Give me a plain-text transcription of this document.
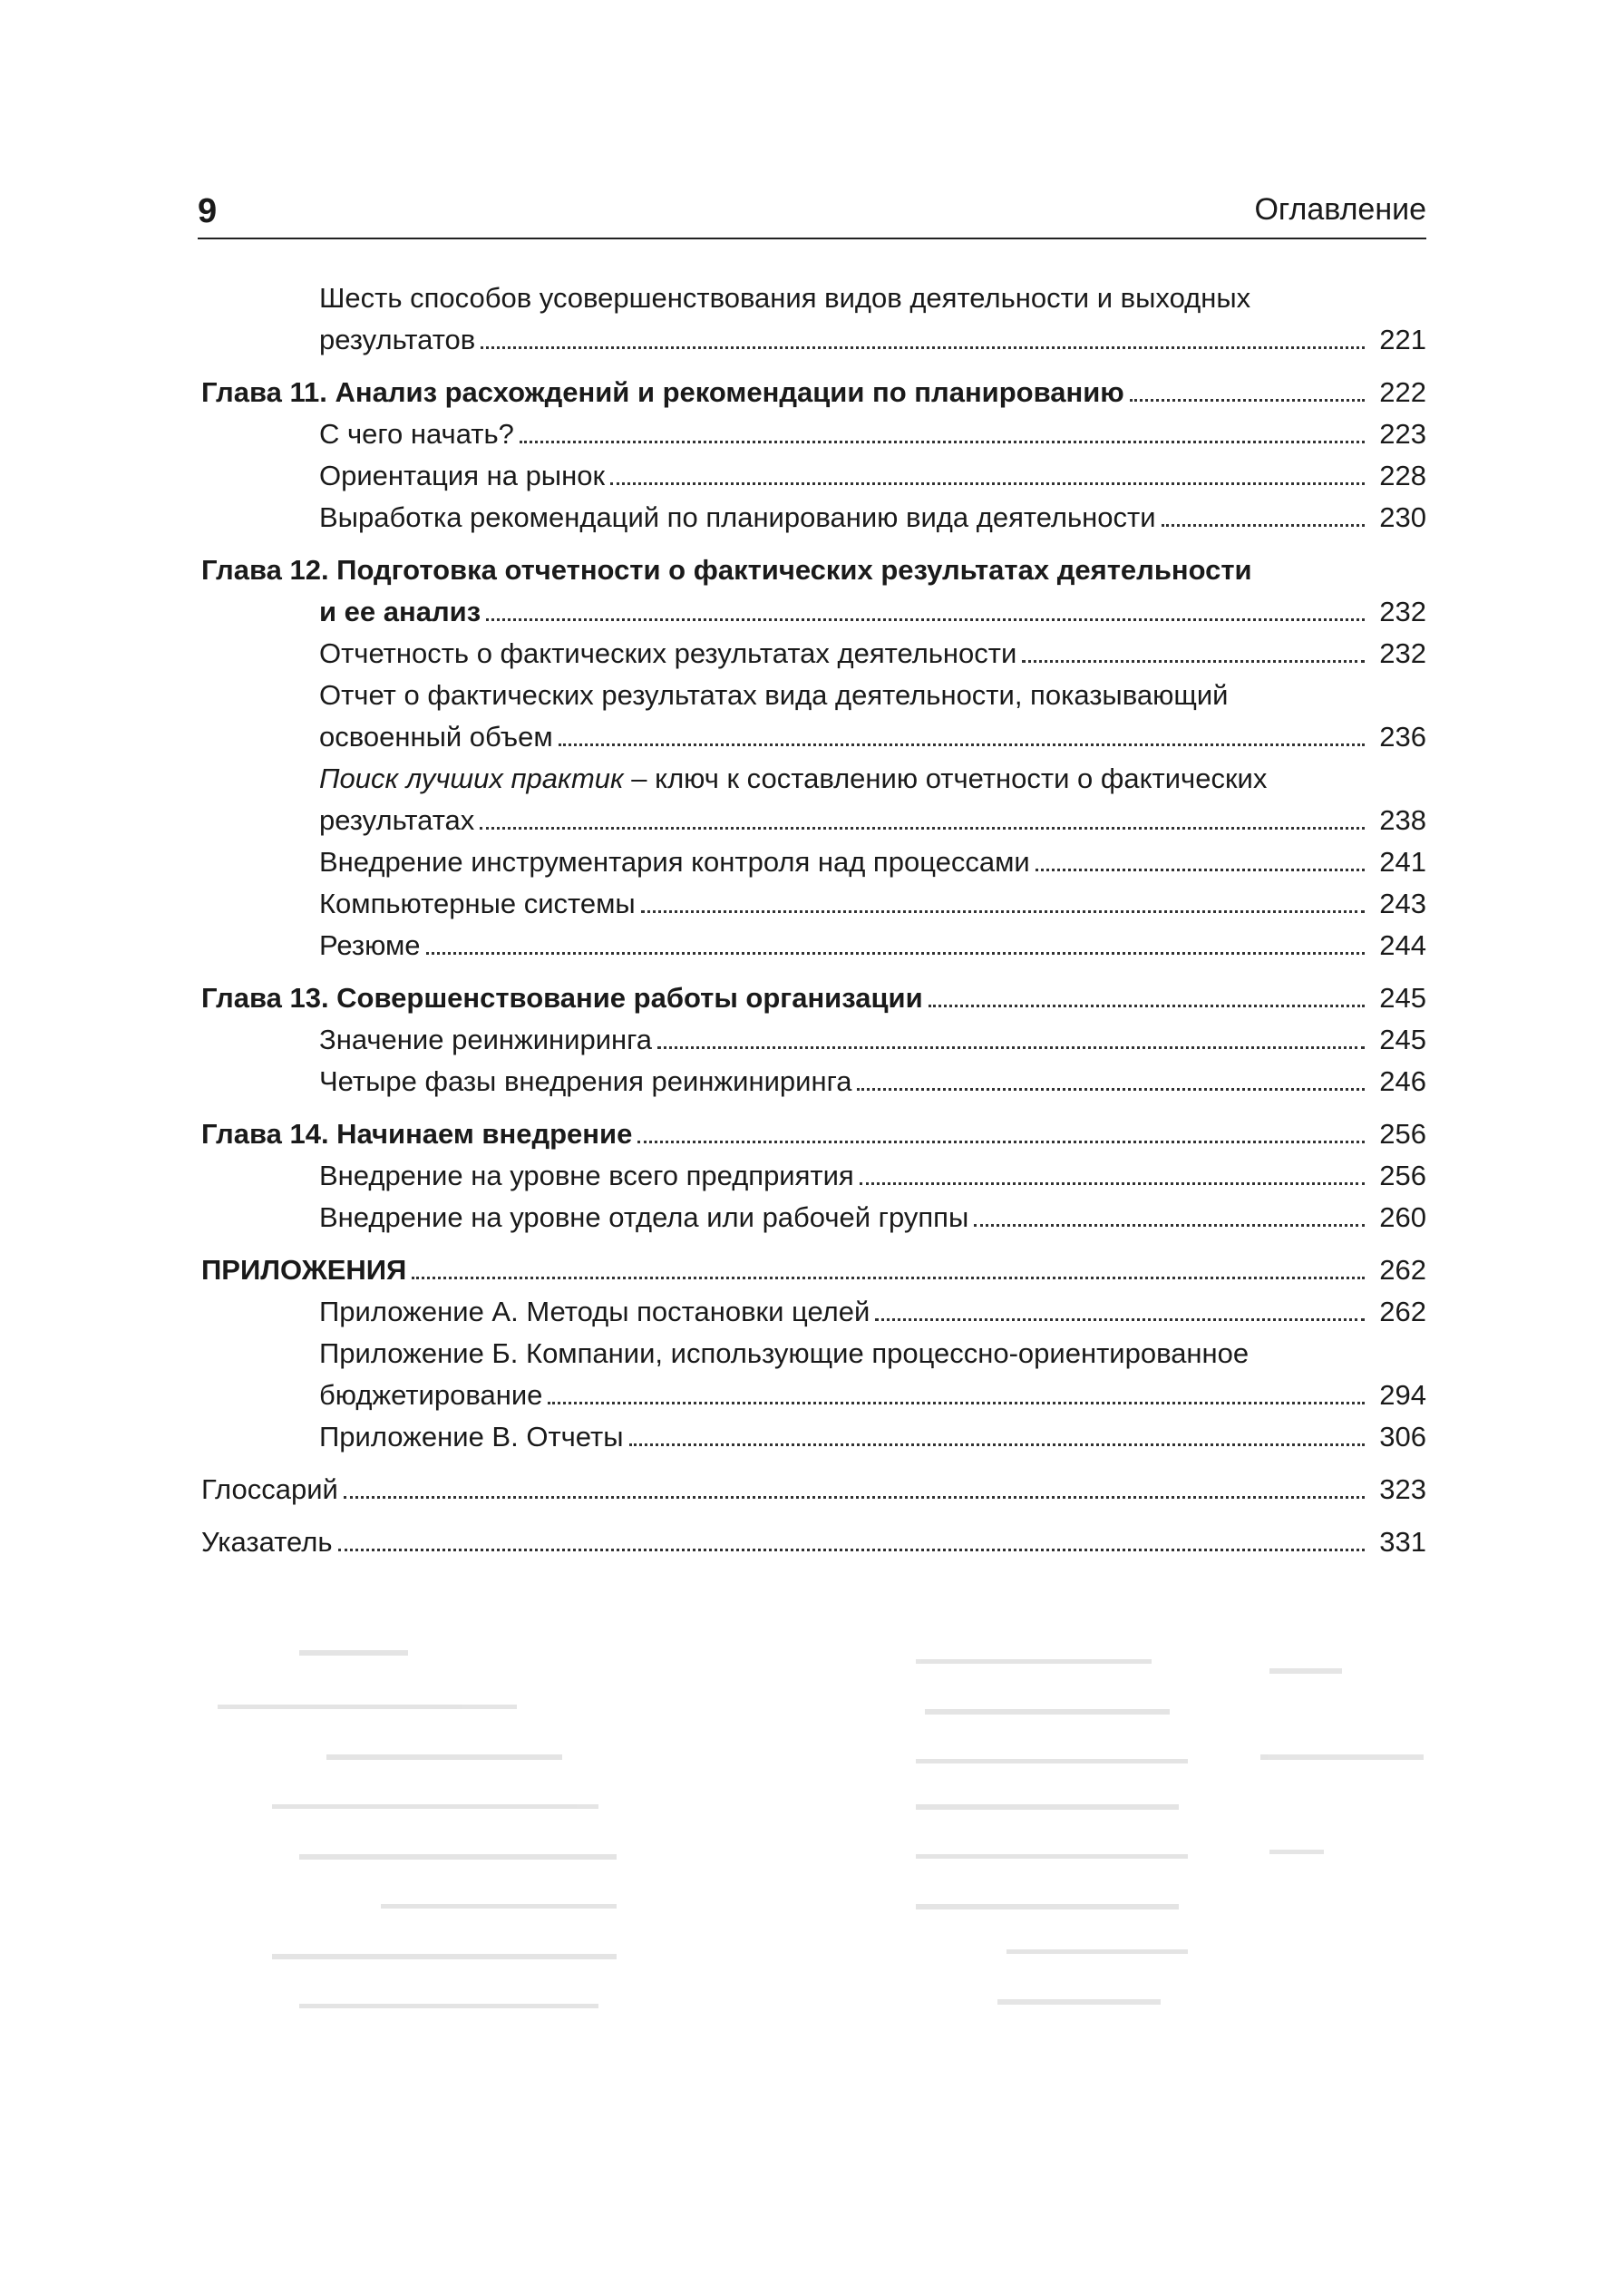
9	Оглавление
Шесть способов усовершенствования видов деятельности и выходных
результатов	221
Глава 11. Анализ расхождений и рекомендации по планированию	222
С чего начать?	223
Ориентация на рынок	228
Выработка рекомендаций по планированию вида деятельности	230
Глава 12. Подготовка отчетности о фактических результатах деятельности
и ее анализ	232
Отчетность о фактических результатах деятельности	232
Отчет о фактических результатах вида деятельности, показывающий
освоенный объем	236
Поиск лучших практик – ключ к составлению отчетности о фактических
результатах	238
Внедрение инструментария контроля над процессами	241
Компьютерные системы	243
Резюме	244
Глава 13. Совершенствование работы организации	245
Значение реинжиниринга	245
Четыре фазы внедрения реинжиниринга	246
Глава 14. Начинаем внедрение	256
Внедрение на уровне всего предприятия	256
Внедрение на уровне отдела или рабочей группы	260
ПРИЛОЖЕНИЯ	262
Приложение А. Методы постановки целей	262
Приложение Б. Компании, использующие процессно-ориентированное
бюджетирование	294
Приложение В. Отчеты	306
Глоссарий	323
Указатель	331
